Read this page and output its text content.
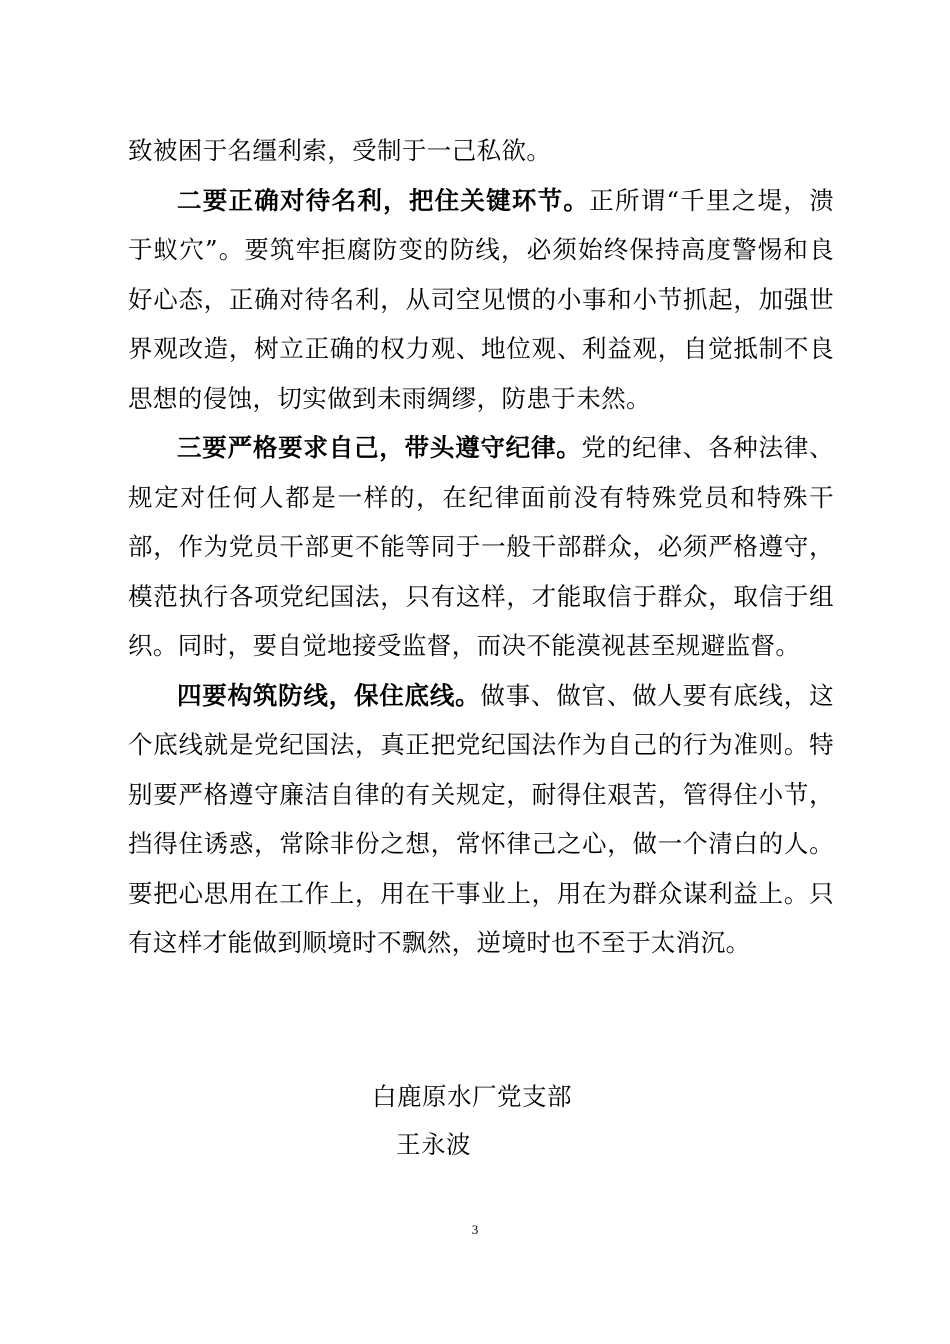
致被困于名缰利索，受制于一己私欲。

二要正确对待名利，把住关键环节。正所谓“千里之堤，溃于蚁穴”。要筑牢拒腐防变的防线，必须始终保持高度警惕和良好心态，正确对待名利，从司空见惯的小事和小节抓起，加强世界观改造，树立正确的权力观、地位观、利益观，自觉抵制不良思想的侵蚀，切实做到未雨绸缪，防患于未然。

三要严格要求自己，带头遵守纪律。党的纪律、各种法律、规定对任何人都是一样的，在纪律面前没有特殊党员和特殊干部，作为党员干部更不能等同于一般干部群众，必须严格遵守，模范执行各项党纪国法，只有这样，才能取信于群众，取信于组织。同时，要自觉地接受监督，而决不能漠视甚至规避监督。

四要构筑防线，保住底线。做事、做官、做人要有底线，这个底线就是党纪国法，真正把党纪国法作为自己的行为准则。特别要严格遵守廉洁自律的有关规定，耐得住艰苦，管得住小节，挡得住诱惑，常除非份之想，常怀律己之心，做一个清白的人。要把心思用在工作上，用在干事业上，用在为群众谋利益上。只有这样才能做到顺境时不飘然，逆境时也不至于太消沉。

白鹿原水厂党支部
王永波
3
